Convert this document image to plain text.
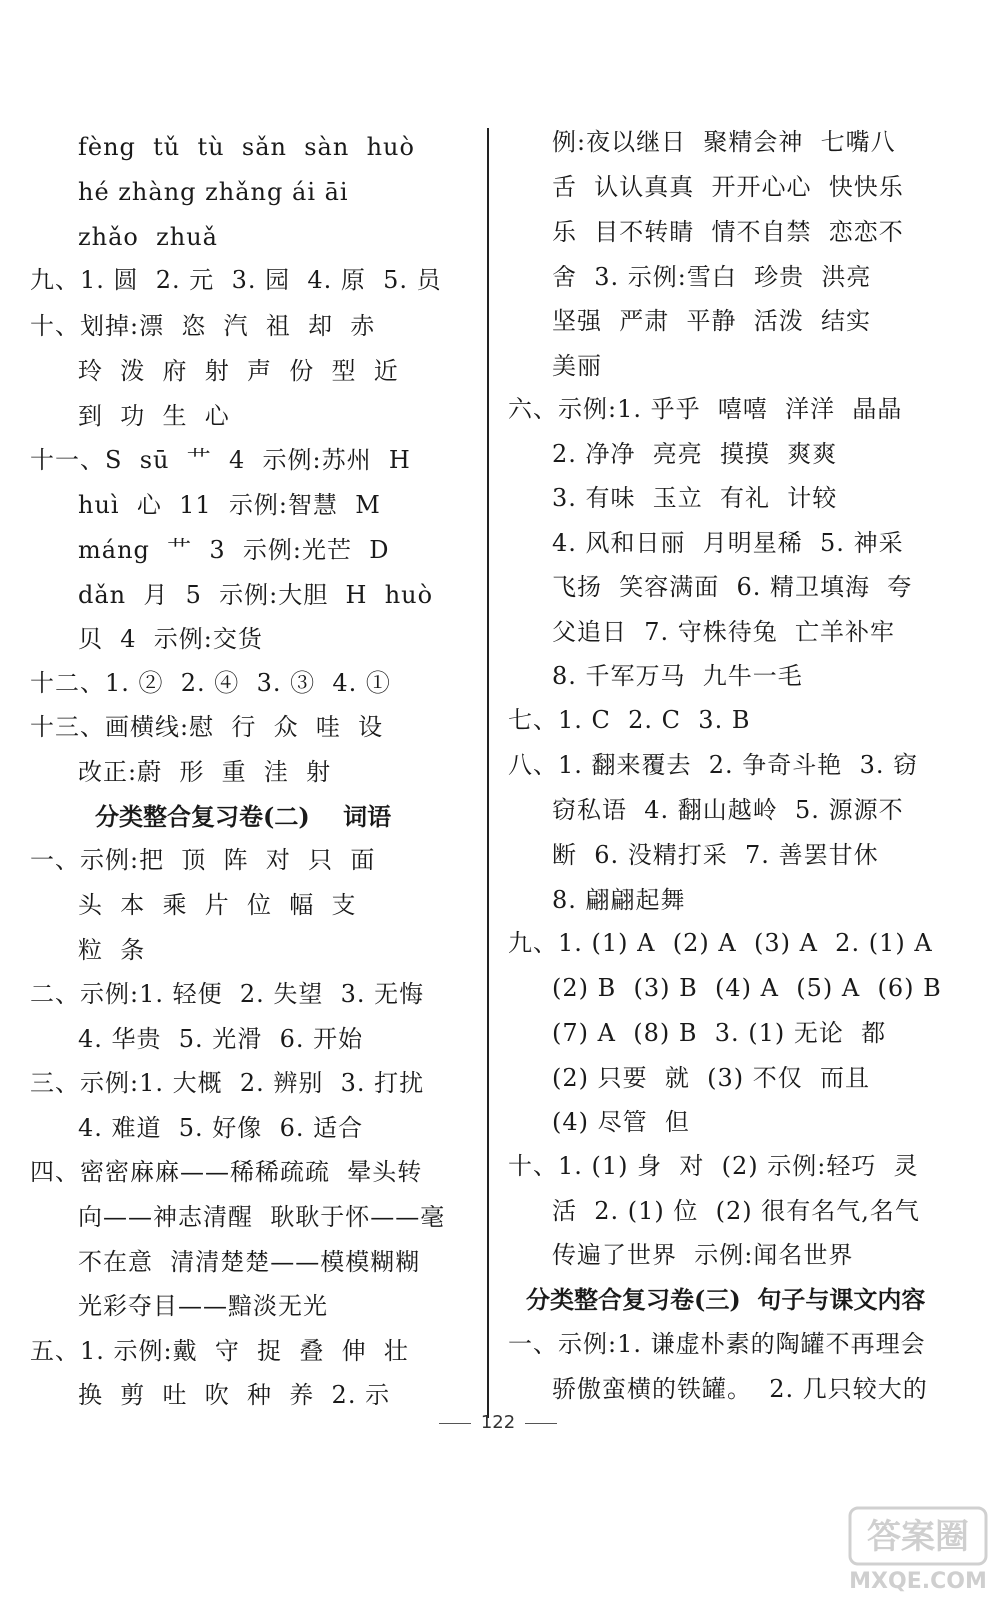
fèng  tǔ  tù  sǎn  sàn  huò
hé zhàng zhǎng ái āi
zhǎo  zhuǎ
九、1. 圆  2. 元  3. 园  4. 原  5. 员
十、划掉:漂  恣  汽  祖  却  赤
玲  泼  府  射  声  份  型  近
到  功  生  心
十一、S  sū  艹  4  示例:苏州  H
huì  心  11  示例:智慧  M
máng  艹  3  示例:光芒  D
dǎn  月  5  示例:大胆  H  huò
贝  4  示例:交货
十二、1. ②  2. ④  3. ③  4. ①
十三、画横线:慰  行  众  哇  设
改正:蔚  形  重  洼  射
分类整合复习卷(二)    词语
一、示例:把  顶  阵  对  只  面
头  本  乘  片  位  幅  支
粒  条
二、示例:1. 轻便  2. 失望  3. 无悔
4. 华贵  5. 光滑  6. 开始
三、示例:1. 大概  2. 辨别  3. 打扰
4. 难道  5. 好像  6. 适合
四、密密麻麻——稀稀疏疏  晕头转
向——神志清醒  耿耿于怀——毫
不在意  清清楚楚——模模糊糊
光彩夺目——黯淡无光
五、1. 示例:戴  守  捉  叠  伸  壮
换  剪  吐  吹  种  养  2. 示
例:夜以继日  聚精会神  七嘴八
舌  认认真真  开开心心  快快乐
乐  目不转睛  情不自禁  恋恋不
舍  3. 示例:雪白  珍贵  洪亮
坚强  严肃  平静  活泼  结实
美丽
六、示例:1. 乎乎  嘻嘻  洋洋  晶晶
2. 净净  亮亮  摸摸  爽爽
3. 有味  玉立  有礼  计较
4. 风和日丽  月明星稀  5. 神采
飞扬  笑容满面  6. 精卫填海  夸
父追日  7. 守株待兔  亡羊补牢
8. 千军万马  九牛一毛
七、1. C  2. C  3. B
八、1. 翻来覆去  2. 争奇斗艳  3. 窃
窃私语  4. 翻山越岭  5. 源源不
断  6. 没精打采  7. 善罢甘休
8. 翩翩起舞
九、1. (1) A  (2) A  (3) A  2. (1) A
(2) B  (3) B  (4) A  (5) A  (6) B
(7) A  (8) B  3. (1) 无论  都
(2) 只要  就  (3) 不仅  而且
(4) 尽管  但
十、1. (1) 身  对  (2) 示例:轻巧  灵
活  2. (1) 位  (2) 很有名气,名气
传遍了世界  示例:闻名世界
分类整合复习卷(三)  句子与课文内容
一、示例:1. 谦虚朴素的陶罐不再理会
骄傲蛮横的铁罐。  2. 几只较大的
122
答案圈
MXQE.COM
